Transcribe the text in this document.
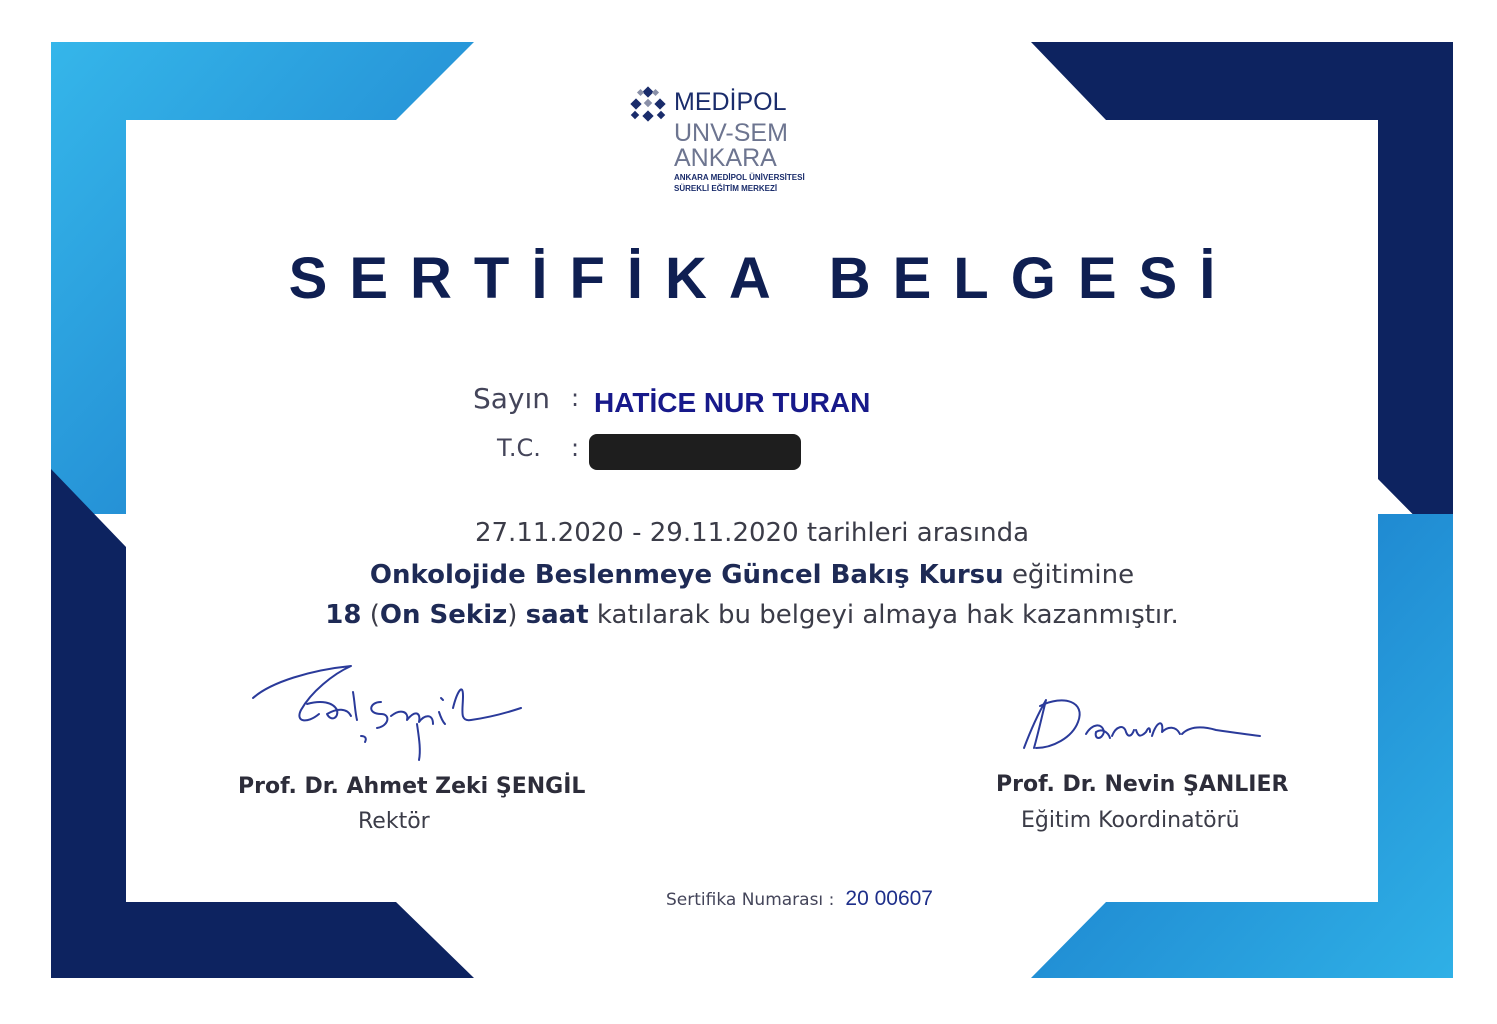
MEDİPOL
UNV-SEM
ANKARA
ANKARA MEDİPOL ÜNİVERSİTESİ
SÜREKLİ EĞİTİM MERKEZİ
SERTİFİKA BELGESİ
Sayın : HATİCE NUR TURAN
T.C. :
27.11.2020 - 29.11.2020 tarihleri arasında
Onkolojide Beslenmeye Güncel Bakış Kursu eğitimine
18 (On Sekiz) saat katılarak bu belgeyi almaya hak kazanmıştır.
Prof. Dr. Ahmet Zeki ŞENGİL
Rektör
Prof. Dr. Nevin ŞANLIER
Eğitim Koordinatörü
Sertifika Numarası : 20 00607
